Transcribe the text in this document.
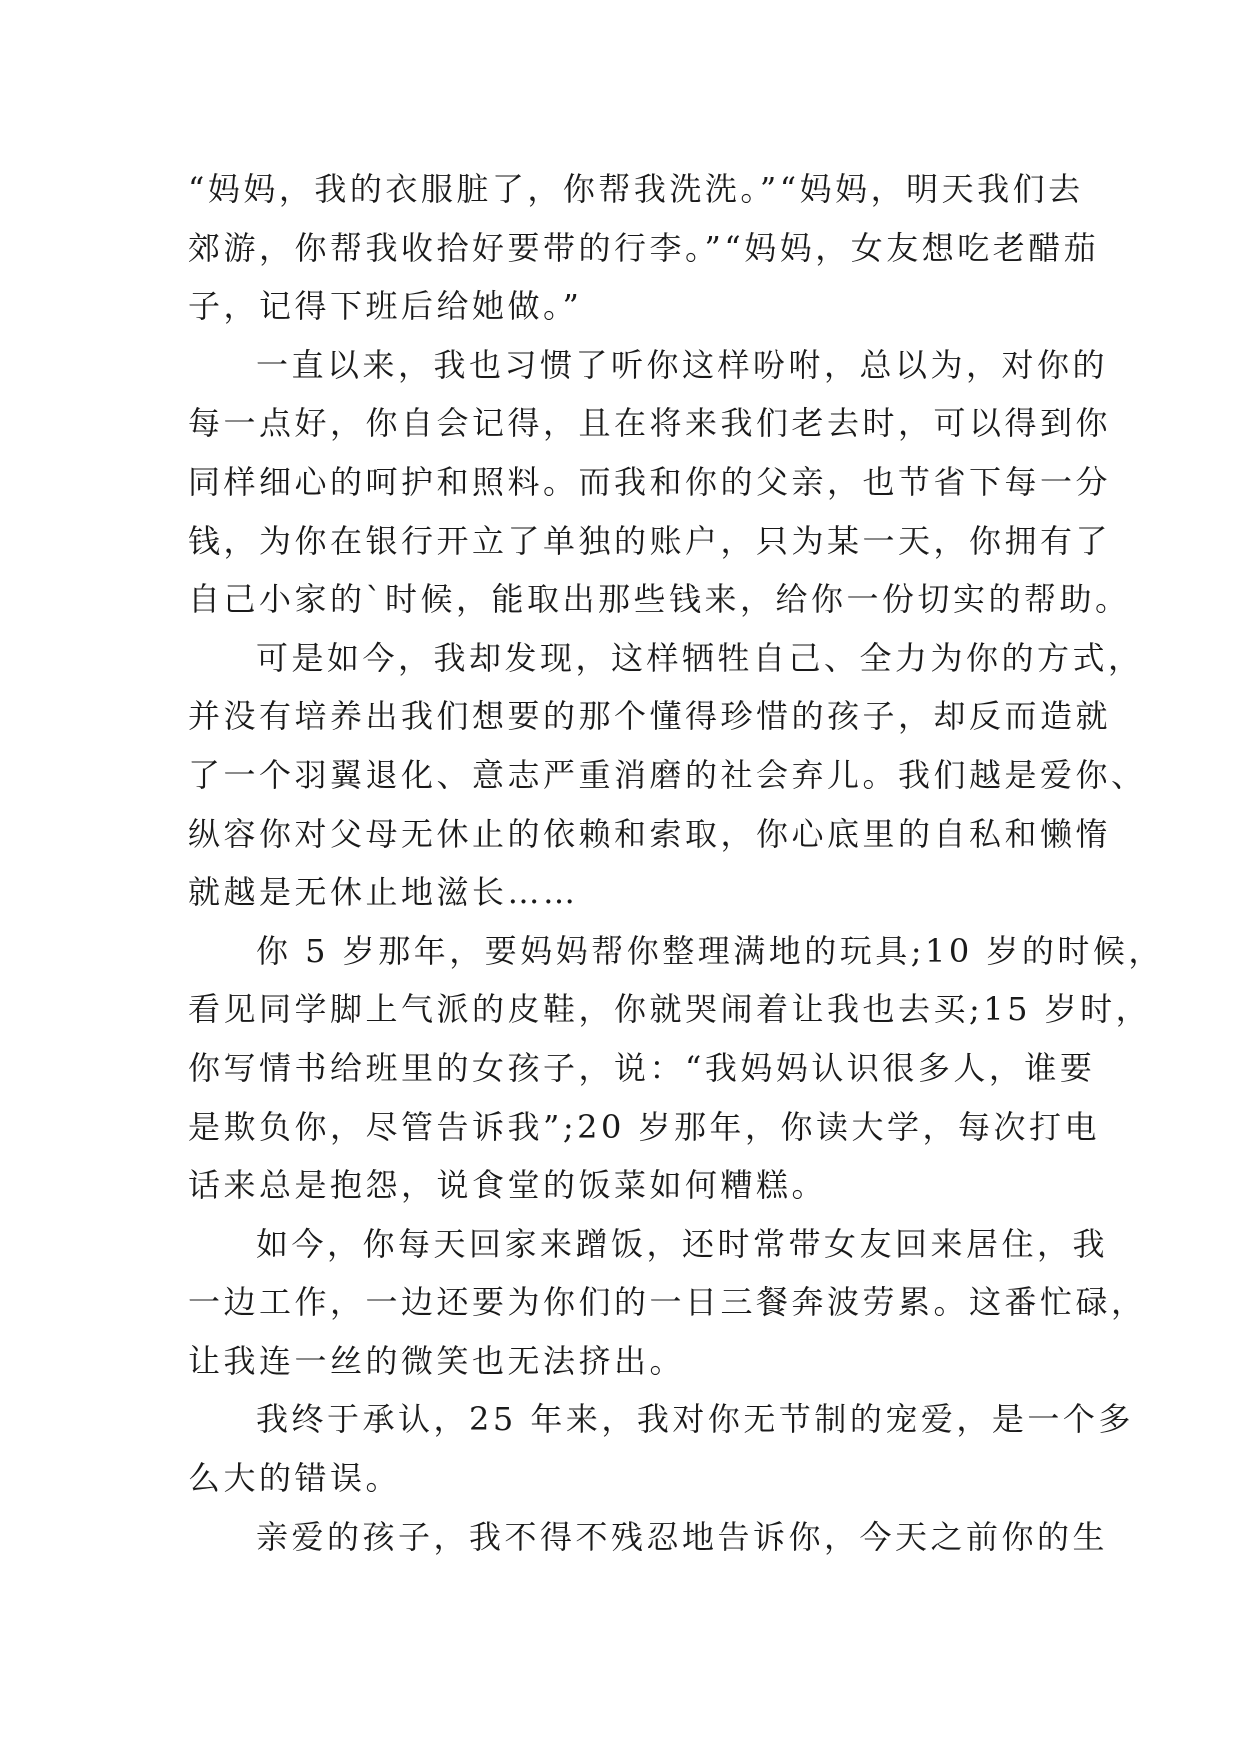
“妈妈，我的衣服脏了，你帮我洗洗。”“妈妈，明天我们去
郊游，你帮我收拾好要带的行李。”“妈妈，女友想吃老醋茄
子，记得下班后给她做。”
一直以来，我也习惯了听你这样吩咐，总以为，对你的
每一点好，你自会记得，且在将来我们老去时，可以得到你
同样细心的呵护和照料。而我和你的父亲，也节省下每一分
钱，为你在银行开立了单独的账户，只为某一天，你拥有了
自己小家的`时候，能取出那些钱来，给你一份切实的帮助。
可是如今，我却发现，这样牺牲自己、全力为你的方式，
并没有培养出我们想要的那个懂得珍惜的孩子，却反而造就
了一个羽翼退化、意志严重消磨的社会弃儿。我们越是爱你、
纵容你对父母无休止的依赖和索取，你心底里的自私和懒惰
就越是无休止地滋长……
你 5 岁那年，要妈妈帮你整理满地的玩具;10 岁的时候，
看见同学脚上气派的皮鞋，你就哭闹着让我也去买;15 岁时，
你写情书给班里的女孩子，说：“我妈妈认识很多人，谁要
是欺负你，尽管告诉我”;20 岁那年，你读大学，每次打电
话来总是抱怨，说食堂的饭菜如何糟糕。
如今，你每天回家来蹭饭，还时常带女友回来居住，我
一边工作，一边还要为你们的一日三餐奔波劳累。这番忙碌，
让我连一丝的微笑也无法挤出。
我终于承认，25 年来，我对你无节制的宠爱，是一个多
么大的错误。
亲爱的孩子，我不得不残忍地告诉你，今天之前你的生
